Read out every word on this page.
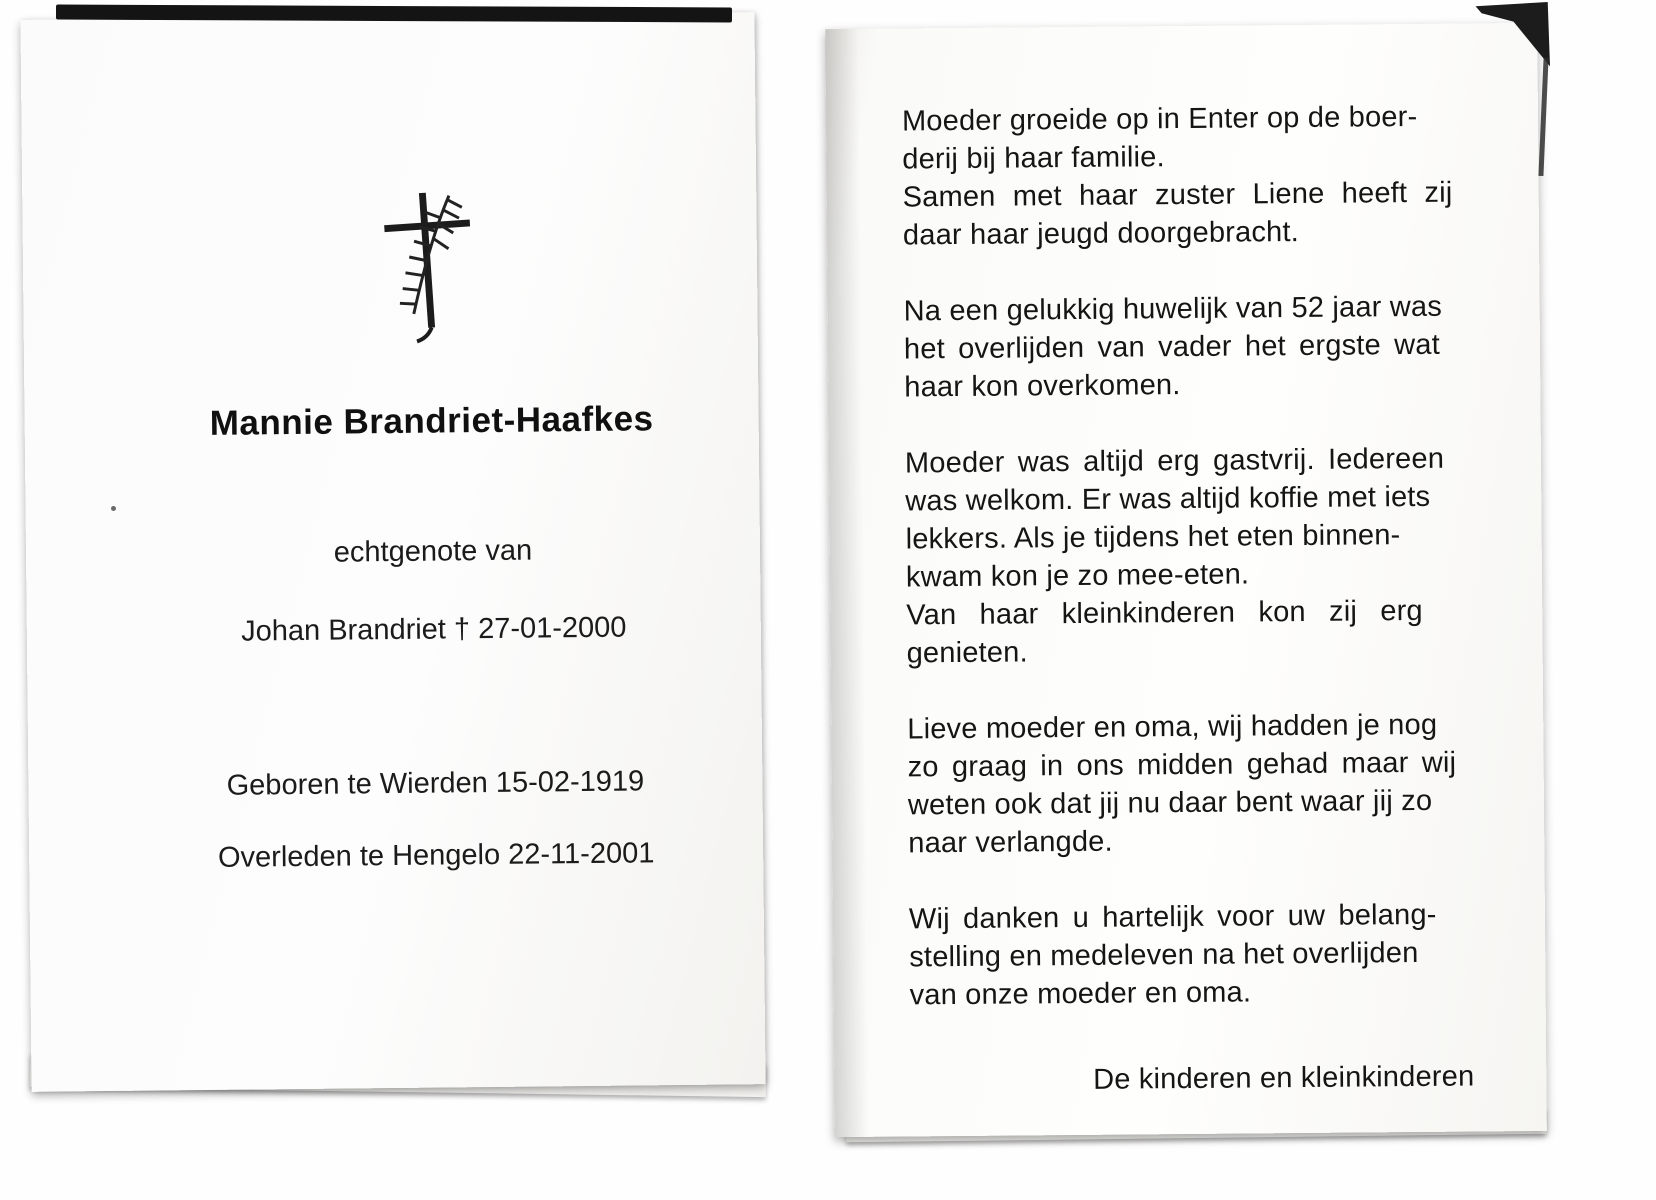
Mannie Brandriet-Haafkes
echtgenote van
Johan Brandriet † 27-01-2000
Geboren te Wierden 15-02-1919
Overleden te Hengelo 22-11-2001
Moeder groeide op in Enter op de boer-
derij bij haar familie.
Samen met haar zuster Liene heeft zij
daar haar jeugd doorgebracht.
Na een gelukkig huwelijk van 52 jaar was
het overlijden van vader het ergste wat
haar kon overkomen.
Moeder was altijd erg gastvrij. Iedereen
was welkom. Er was altijd koffie met iets
lekkers. Als je tijdens het eten binnen-
kwam kon je zo mee-eten.
Van haar kleinkinderen kon zij erg
genieten.
Lieve moeder en oma, wij hadden je nog
zo graag in ons midden gehad maar wij
weten ook dat jij nu daar bent waar jij zo
naar verlangde.
Wij danken u hartelijk voor uw belang-
stelling en medeleven na het overlijden
van onze moeder en oma.
De kinderen en kleinkinderen
